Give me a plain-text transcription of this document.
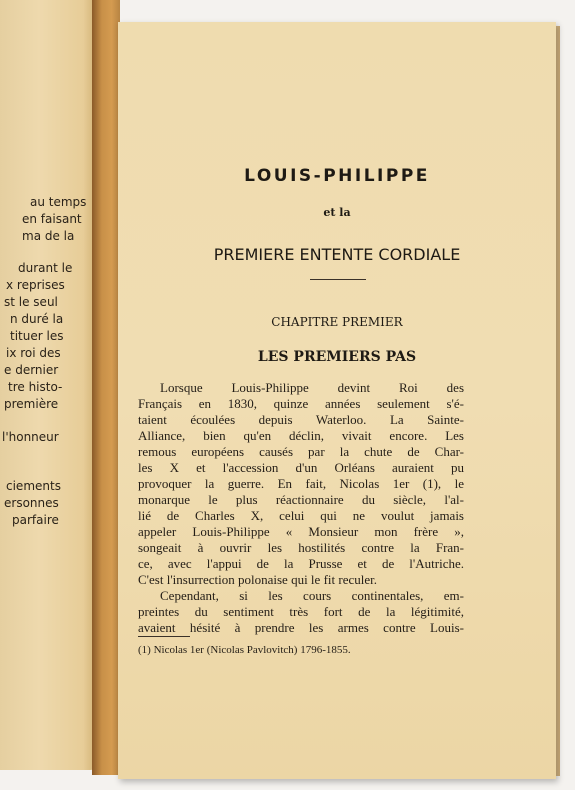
au temps
en faisant
ma de la
durant le
x reprises
st le seul
n duré la
tituer les
ix roi des
e dernier
tre histo-
première
l'honneur
ciements
ersonnes
parfaire
LOUIS-PHILIPPE
et la
PREMIERE ENTENTE CORDIALE
CHAPITRE PREMIER
LES PREMIERS PAS
Lorsque Louis-Philippe devint Roi des
Français en 1830, quinze années seulement s'é-
taient écoulées depuis Waterloo. La Sainte-
Alliance, bien qu'en déclin, vivait encore. Les
remous européens causés par la chute de Char-
les X et l'accession d'un Orléans auraient pu
provoquer la guerre. En fait, Nicolas 1er (1), le
monarque le plus réactionnaire du siècle, l'al-
lié de Charles X, celui qui ne voulut jamais
appeler Louis-Philippe « Monsieur mon frère »,
songeait à ouvrir les hostilités contre la Fran-
ce, avec l'appui de la Prusse et de l'Autriche.
C'est l'insurrection polonaise qui le fit reculer.
Cependant, si les cours continentales, em-
preintes du sentiment très fort de la légitimité,
avaient hésité à prendre les armes contre Louis-
(1) Nicolas 1er (Nicolas Pavlovitch) 1796-1855.
